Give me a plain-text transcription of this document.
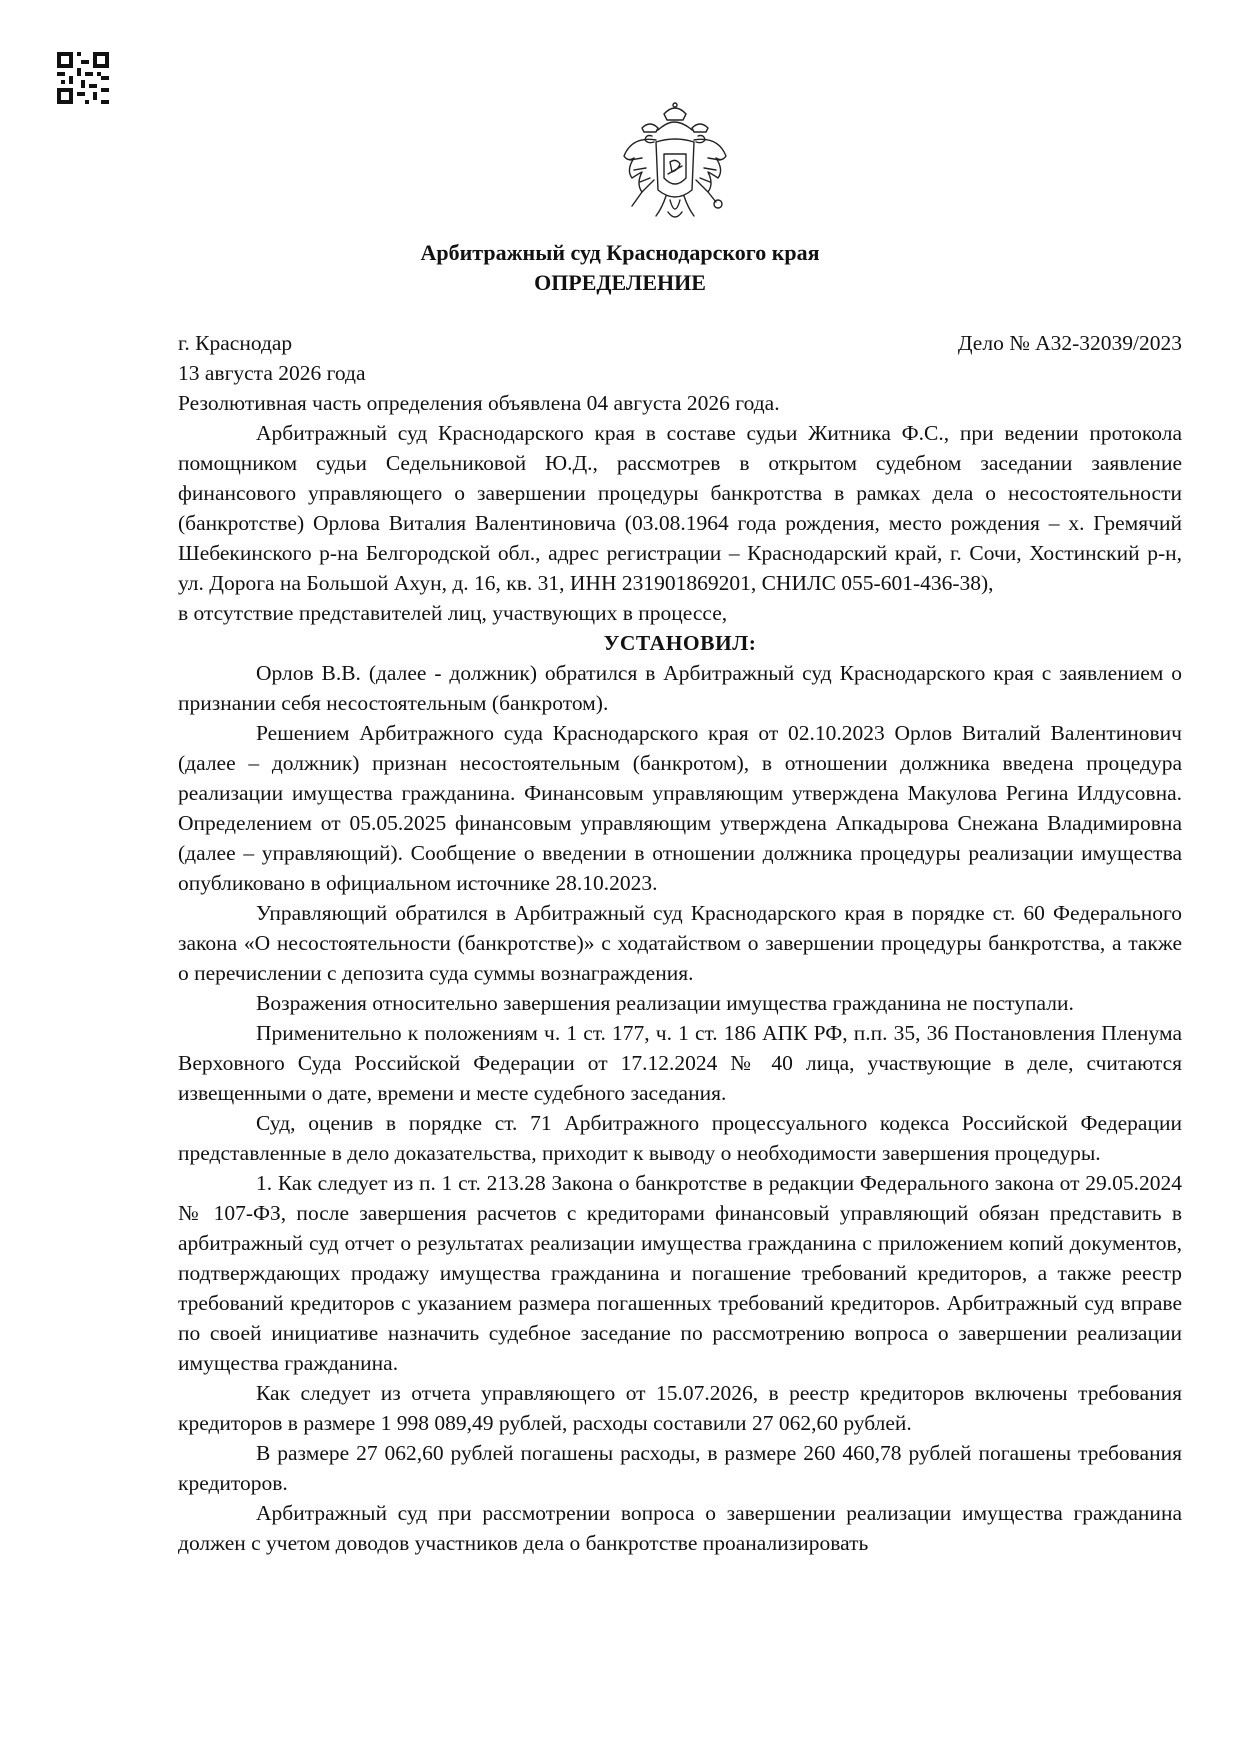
Арбитражный суд Краснодарского края
ОПРЕДЕЛЕНИЕ
г. Краснодар	Дело № А32-32039/2023
13 августа 2026 года
Резолютивная часть определения объявлена 04 августа 2026 года.

Арбитражный суд Краснодарского края в составе судьи Житника Ф.С., при ведении протокола помощником судьи Седельниковой Ю.Д., рассмотрев в открытом судебном заседании заявление финансового управляющего о завершении процедуры банкротства в рамках дела о несостоятельности (банкротстве) Орлова Виталия Валентиновича (03.08.1964 года рождения, место рождения – х. Гремячий Шебекинского р-на Белгородской обл., адрес регистрации – Краснодарский край, г. Сочи, Хостинский р-н, ул. Дорога на Большой Ахун, д. 16, кв. 31, ИНН 231901869201, СНИЛС 055-601-436-38),

в отсутствие представителей лиц, участвующих в процессе,

УСТАНОВИЛ:

Орлов В.В. (далее - должник) обратился в Арбитражный суд Краснодарского края с заявлением о признании себя несостоятельным (банкротом).

Решением Арбитражного суда Краснодарского края от 02.10.2023 Орлов Виталий Валентинович (далее – должник) признан несостоятельным (банкротом), в отношении должника введена процедура реализации имущества гражданина. Финансовым управляющим утверждена Макулова Регина Илдусовна. Определением от 05.05.2025 финансовым управляющим утверждена Апкадырова Снежана Владимировна (далее – управляющий). Сообщение о введении в отношении должника процедуры реализации имущества опубликовано в официальном источнике 28.10.2023.

Управляющий обратился в Арбитражный суд Краснодарского края в порядке ст. 60 Федерального закона «О несостоятельности (банкротстве)» с ходатайством о завершении процедуры банкротства, а также о перечислении с депозита суда суммы вознаграждения.

Возражения относительно завершения реализации имущества гражданина не поступали.

Применительно к положениям ч. 1 ст. 177, ч. 1 ст. 186 АПК РФ, п.п. 35, 36 Постановления Пленума Верховного Суда Российской Федерации от 17.12.2024 № 40 лица, участвующие в деле, считаются извещенными о дате, времени и месте судебного заседания.

Суд, оценив в порядке ст. 71 Арбитражного процессуального кодекса Российской Федерации представленные в дело доказательства, приходит к выводу о необходимости завершения процедуры.

1. Как следует из п. 1 ст. 213.28 Закона о банкротстве в редакции Федерального закона от 29.05.2024 № 107-ФЗ, после завершения расчетов с кредиторами финансовый управляющий обязан представить в арбитражный суд отчет о результатах реализации имущества гражданина с приложением копий документов, подтверждающих продажу имущества гражданина и погашение требований кредиторов, а также реестр требований кредиторов с указанием размера погашенных требований кредиторов. Арбитражный суд вправе по своей инициативе назначить судебное заседание по рассмотрению вопроса о завершении реализации имущества гражданина.

Как следует из отчета управляющего от 15.07.2026, в реестр кредиторов включены требования кредиторов в размере 1 998 089,49 рублей, расходы составили 27 062,60 рублей.

В размере 27 062,60 рублей погашены расходы, в размере 260 460,78 рублей погашены требования кредиторов.

Арбитражный суд при рассмотрении вопроса о завершении реализации имущества гражданина должен с учетом доводов участников дела о банкротстве проанализировать
